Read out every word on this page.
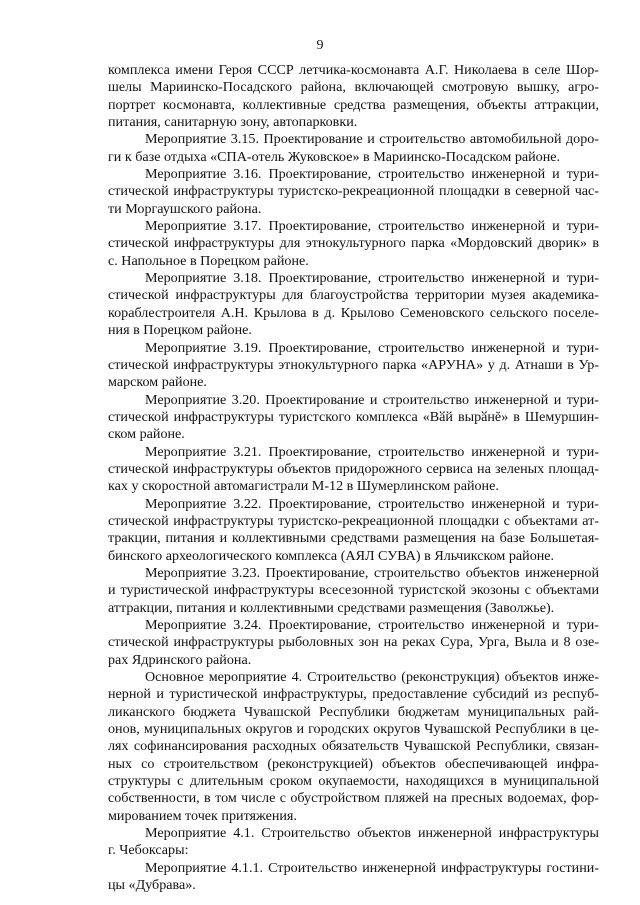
9
комплекса имени Героя СССР летчика-космонавта А.Г. Николаева в селе Шор-
шелы Мариинско-Посадского района, включающей смотровую вышку, агро-
портрет космонавта, коллективные средства размещения, объекты аттракции,
питания, санитарную зону, автопарковки.
Мероприятие 3.15. Проектирование и строительство автомобильной доро-
ги к базе отдыха «СПА-отель Жуковское» в Мариинско-Посадском районе.
Мероприятие 3.16. Проектирование, строительство инженерной и тури-
стической инфраструктуры туристско-рекреационной площадки в северной час-
ти Моргаушского района.
Мероприятие 3.17. Проектирование, строительство инженерной и тури-
стической инфраструктуры для этнокультурного парка «Мордовский дворик» в
с. Напольное в Порецком районе.
Мероприятие 3.18. Проектирование, строительство инженерной и тури-
стической инфраструктуры для благоустройства территории музея академика-
кораблестроителя А.Н. Крылова в д. Крылово Семеновского сельского поселе-
ния в Порецком районе.
Мероприятие 3.19. Проектирование, строительство инженерной и тури-
стической инфраструктуры этнокультурного парка «АРУНА» у д. Атнаши в Ур-
марском районе.
Мероприятие 3.20. Проектирование и строительство инженерной и тури-
стической инфраструктуры туристского комплекса «Вӑй вырӑнĕ» в Шемуршин-
ском районе.
Мероприятие 3.21. Проектирование, строительство инженерной и тури-
стической инфраструктуры объектов придорожного сервиса на зеленых площад-
ках у скоростной автомагистрали М-12 в Шумерлинском районе.
Мероприятие 3.22. Проектирование, строительство инженерной и тури-
стической инфраструктуры туристско-рекреационной площадки с объектами ат-
тракции, питания и коллективными средствами размещения на базе Большетая-
бинского археологического комплекса (АЯЛ СУВА) в Яльчикском районе.
Мероприятие 3.23. Проектирование, строительство объектов инженерной
и туристической инфраструктуры всесезонной туристской экозоны с объектами
аттракции, питания и коллективными средствами размещения (Заволжье).
Мероприятие 3.24. Проектирование, строительство инженерной и тури-
стической инфраструктуры рыболовных зон на реках Сура, Урга, Выла и 8 озе-
рах Ядринского района.
Основное мероприятие 4. Строительство (реконструкция) объектов инже-
нерной и туристической инфраструктуры, предоставление субсидий из респуб-
ликанского бюджета Чувашской Республики бюджетам муниципальных рай-
онов, муниципальных округов и городских округов Чувашской Республики в це-
лях софинансирования расходных обязательств Чувашской Республики, связан-
ных со строительством (реконструкцией) объектов обеспечивающей инфра-
структуры с длительным сроком окупаемости, находящихся в муниципальной
собственности, в том числе с обустройством пляжей на пресных водоемах, фор-
мированием точек притяжения.
Мероприятие 4.1. Строительство объектов инженерной инфраструктуры
г. Чебоксары:
Мероприятие 4.1.1. Строительство инженерной инфраструктуры гостини-
цы «Дубрава».
